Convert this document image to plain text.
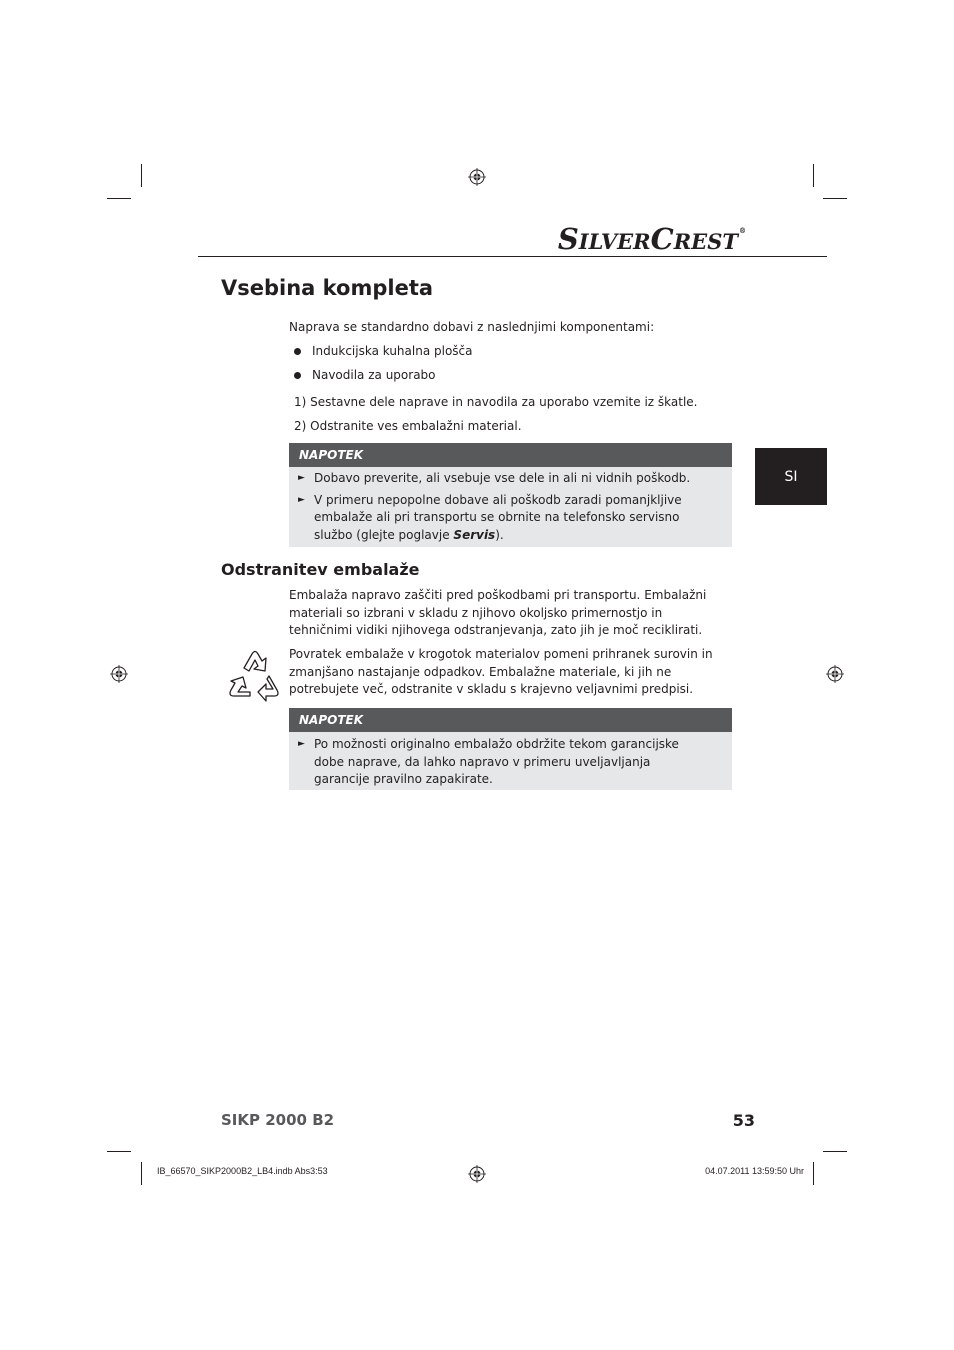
SILVERCREST®
Vsebina kompleta
Naprava se standardno dobavi z naslednjimi komponentami:
Indukcijska kuhalna plošča
Navodila za uporabo
1) Sestavne dele naprave in navodila za uporabo vzemite iz škatle.
2) Odstranite ves embalažni material.
NAPOTEK
► Dobavo preverite, ali vsebuje vse dele in ali ni vidnih poškodb.
► V primeru nepopolne dobave ali poškodb zaradi pomanjkljive embalaže ali pri transportu se obrnite na telefonsko servisno službo (glejte poglavje Servis).
SI
Odstranitev embalaže
Embalaža napravo zaščiti pred poškodbami pri transportu. Embalažni materiali so izbrani v skladu z njihovo okoljsko primernostjo in tehničnimi vidiki njihovega odstranjevanja, zato jih je moč reciklirati.
Povratek embalaže v krogotok materialov pomeni prihranek surovin in zmanjšano nastajanje odpadkov. Embalažne materiale, ki jih ne potrebujete več, odstranite v skladu s krajevno veljavnimi predpisi.
NAPOTEK
► Po možnosti originalno embalažo obdržite tekom garancijske dobe naprave, da lahko napravo v primeru uveljavljanja garancije pravilno zapakirate.
SIKP 2000 B2	53
IB_66570_SIKP2000B2_LB4.indb Abs3:53	04.07.2011 13:59:50 Uhr
